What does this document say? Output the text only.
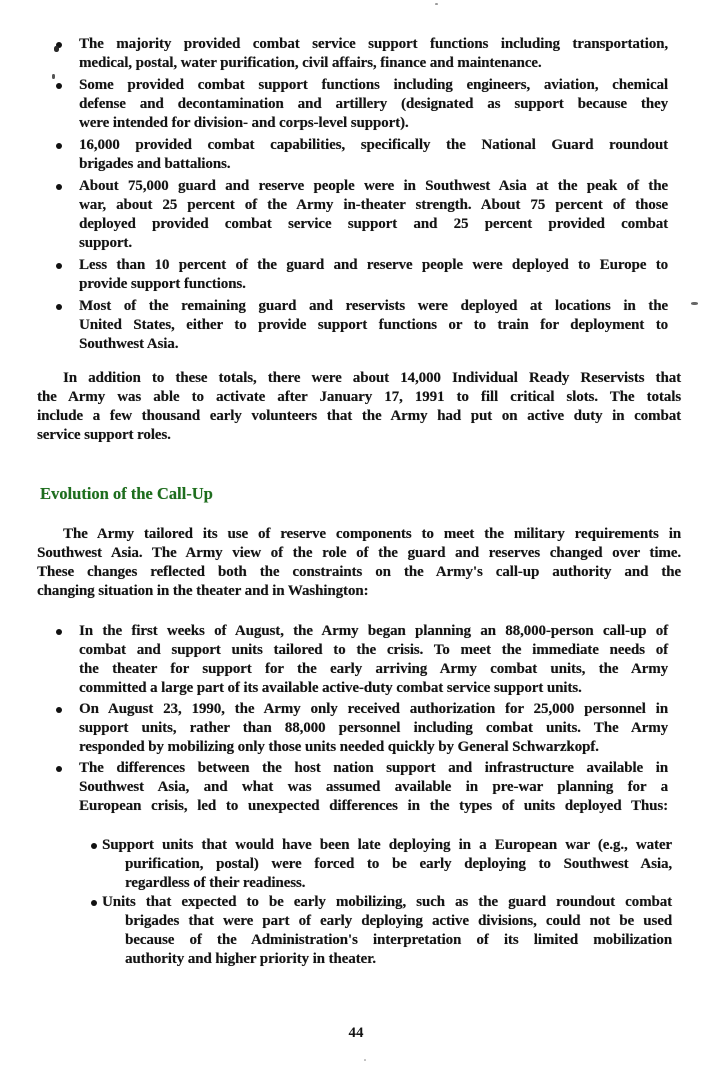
The majority provided combat service support functions including transportation,
medical, postal, water purification, civil affairs, finance and maintenance.
Some provided combat support functions including engineers, aviation, chemical
defense and decontamination and artillery (designated as support because they
were intended for division- and corps-level support).
16,000 provided combat capabilities, specifically the National Guard roundout
brigades and battalions.
About 75,000 guard and reserve people were in Southwest Asia at the peak of the
war, about 25 percent of the Army in-theater strength. About 75 percent of those
deployed provided combat service support and 25 percent provided combat
support.
Less than 10 percent of the guard and reserve people were deployed to Europe to
provide support functions.
Most of the remaining guard and reservists were deployed at locations in the
United States, either to provide support functions or to train for deployment to
Southwest Asia.
In addition to these totals, there were about 14,000 Individual Ready Reservists that
the Army was able to activate after January 17, 1991 to fill critical slots. The totals
include a few thousand early volunteers that the Army had put on active duty in combat
service support roles.
Evolution of the Call-Up
The Army tailored its use of reserve components to meet the military requirements in
Southwest Asia. The Army view of the role of the guard and reserves changed over time.
These changes reflected both the constraints on the Army's call-up authority and the
changing situation in the theater and in Washington:
In the first weeks of August, the Army began planning an 88,000-person call-up of
combat and support units tailored to the crisis. To meet the immediate needs of
the theater for support for the early arriving Army combat units, the Army
committed a large part of its available active-duty combat service support units.
On August 23, 1990, the Army only received authorization for 25,000 personnel in
support units, rather than 88,000 personnel including combat units. The Army
responded by mobilizing only those units needed quickly by General Schwarzkopf.
The differences between the host nation support and infrastructure available in
Southwest Asia, and what was assumed available in pre-war planning for a
European crisis, led to unexpected differences in the types of units deployed Thus:
Support units that would have been late deploying in a European war (e.g., water
purification, postal) were forced to be early deploying to Southwest Asia,
regardless of their readiness.
Units that expected to be early mobilizing, such as the guard roundout combat
brigades that were part of early deploying active divisions, could not be used
because of the Administration's interpretation of its limited mobilization
authority and higher priority in theater.
44
